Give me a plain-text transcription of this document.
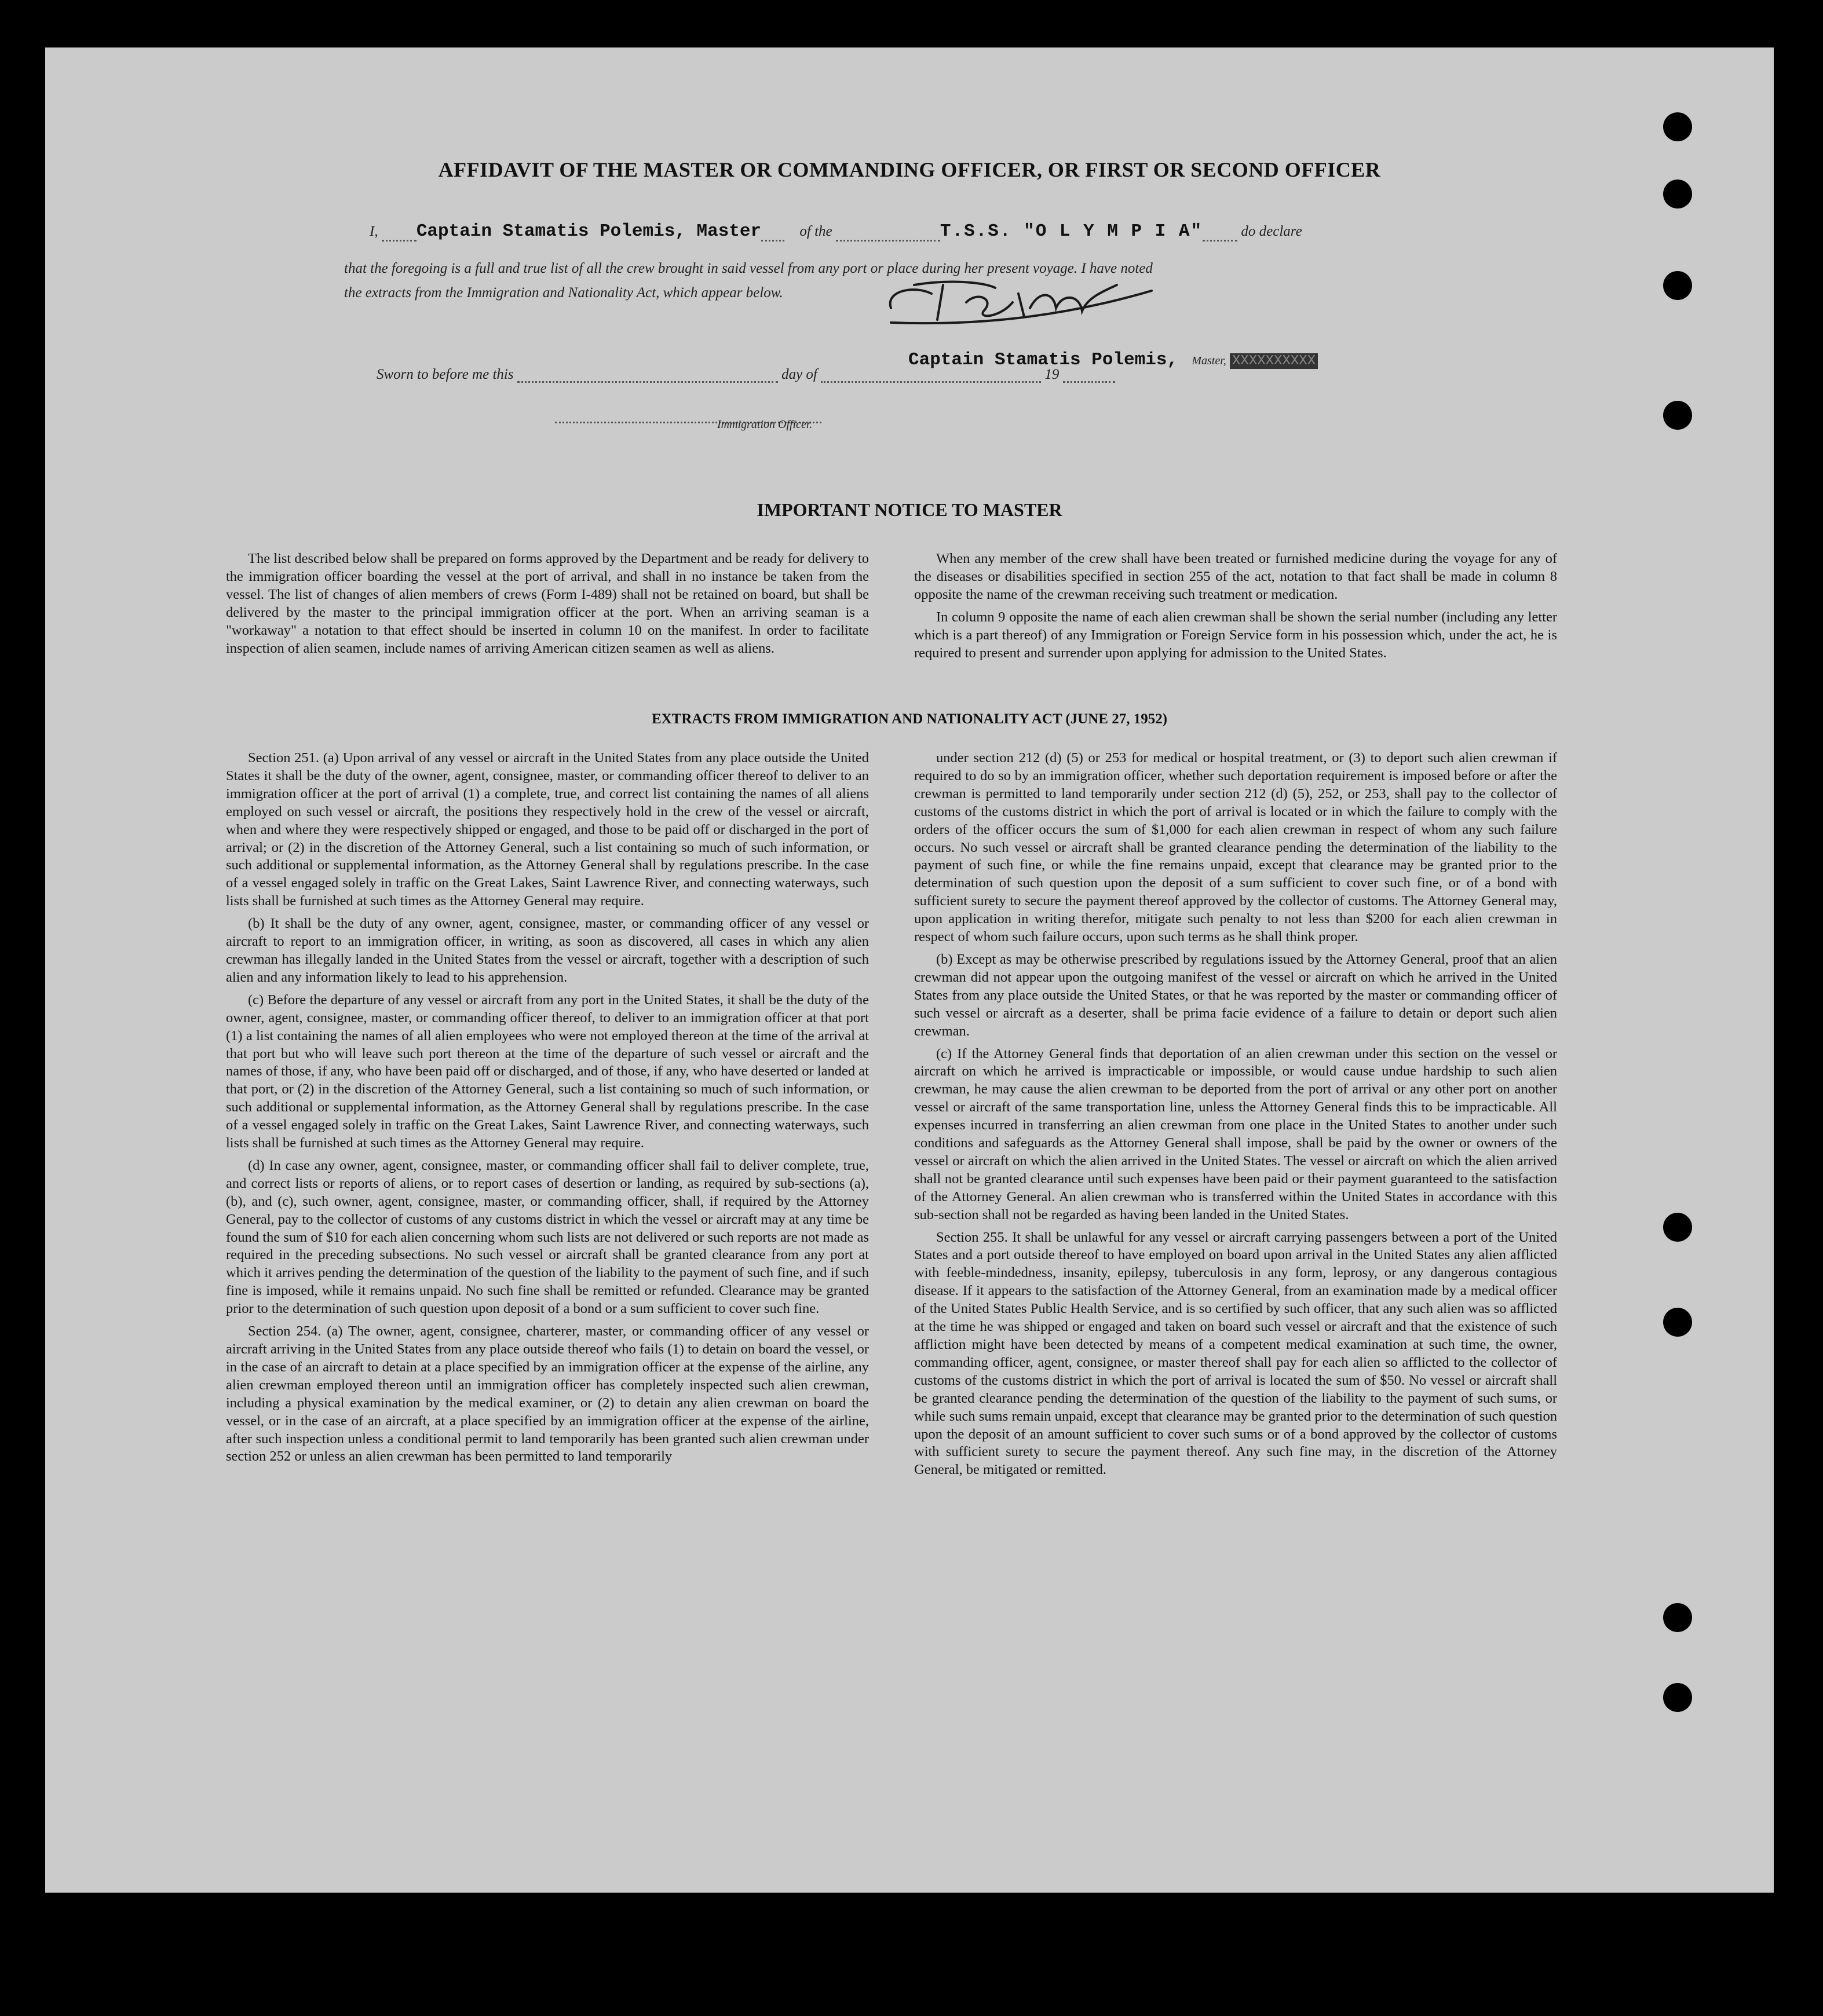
AFFIDAVIT OF THE MASTER OR COMMANDING OFFICER, OR FIRST OR SECOND OFFICER
I, Captain Stamatis Polemis, Master	of the	T.S.S. "O L Y M P I A"	do declare
that the foregoing is a full and true list of all the crew brought in said vessel from any port or place during her present voyage. I have noted
the extracts from the Immigration and Nationality Act, which appear below.
Captain Stamatis Polemis, Master, XXXXXXXXXX
Sworn to before me this	day of	19
Immigration Officer.
IMPORTANT NOTICE TO MASTER

The list described below shall be prepared on forms approved by the Department and be ready for delivery to the immigration officer boarding the vessel at the port of arrival, and shall in no instance be taken from the vessel. The list of changes of alien members of crews (Form I-489) shall not be retained on board, but shall be delivered by the master to the principal immigration officer at the port. When an arriving seaman is a "workaway" a notation to that effect should be inserted in column 10 on the manifest. In order to facilitate inspection of alien seamen, include names of arriving American citizen seamen as well as aliens.

When any member of the crew shall have been treated or furnished medicine during the voyage for any of the diseases or disabilities specified in section 255 of the act, notation to that fact shall be made in column 8 opposite the name of the crewman receiving such treatment or medication.

In column 9 opposite the name of each alien crewman shall be shown the serial number (including any letter which is a part thereof) of any Immigration or Foreign Service form in his possession which, under the act, he is required to present and surrender upon applying for admission to the United States.

EXTRACTS FROM IMMIGRATION AND NATIONALITY ACT (JUNE 27, 1952)

Section 251. (a) Upon arrival of any vessel or aircraft in the United States from any place outside the United States it shall be the duty of the owner, agent, consignee, master, or commanding officer thereof to deliver to an immigration officer at the port of arrival (1) a complete, true, and correct list containing the names of all aliens employed on such vessel or aircraft, the positions they respectively hold in the crew of the vessel or aircraft, when and where they were respectively shipped or engaged, and those to be paid off or discharged in the port of arrival; or (2) in the discretion of the Attorney General, such a list containing so much of such information, or such additional or supplemental information, as the Attorney General shall by regulations prescribe. In the case of a vessel engaged solely in traffic on the Great Lakes, Saint Lawrence River, and connecting waterways, such lists shall be furnished at such times as the Attorney General may require.

(b) It shall be the duty of any owner, agent, consignee, master, or commanding officer of any vessel or aircraft to report to an immigration officer, in writing, as soon as discovered, all cases in which any alien crewman has illegally landed in the United States from the vessel or aircraft, together with a description of such alien and any information likely to lead to his apprehension.

(c) Before the departure of any vessel or aircraft from any port in the United States, it shall be the duty of the owner, agent, consignee, master, or commanding officer thereof, to deliver to an immigration officer at that port (1) a list containing the names of all alien employees who were not employed thereon at the time of the arrival at that port but who will leave such port thereon at the time of the departure of such vessel or aircraft and the names of those, if any, who have been paid off or discharged, and of those, if any, who have deserted or landed at that port, or (2) in the discretion of the Attorney General, such a list containing so much of such information, or such additional or supplemental information, as the Attorney General shall by regulations prescribe. In the case of a vessel engaged solely in traffic on the Great Lakes, Saint Lawrence River, and connecting waterways, such lists shall be furnished at such times as the Attorney General may require.

(d) In case any owner, agent, consignee, master, or commanding officer shall fail to deliver complete, true, and correct lists or reports of aliens, or to report cases of desertion or landing, as required by sub-sections (a), (b), and (c), such owner, agent, consignee, master, or commanding officer, shall, if required by the Attorney General, pay to the collector of customs of any customs district in which the vessel or aircraft may at any time be found the sum of $10 for each alien concerning whom such lists are not delivered or such reports are not made as required in the preceding subsections. No such vessel or aircraft shall be granted clearance from any port at which it arrives pending the determination of the question of the liability to the payment of such fine, and if such fine is imposed, while it remains unpaid. No such fine shall be remitted or refunded. Clearance may be granted prior to the determination of such question upon deposit of a bond or a sum sufficient to cover such fine.

Section 254. (a) The owner, agent, consignee, charterer, master, or commanding officer of any vessel or aircraft arriving in the United States from any place outside thereof who fails (1) to detain on board the vessel, or in the case of an aircraft to detain at a place specified by an immigration officer at the expense of the airline, any alien crewman employed thereon until an immigration officer has completely inspected such alien crewman, including a physical examination by the medical examiner, or (2) to detain any alien crewman on board the vessel, or in the case of an aircraft, at a place specified by an immigration officer at the expense of the airline, after such inspection unless a conditional permit to land temporarily has been granted such alien crewman under section 252 or unless an alien crewman has been permitted to land temporarily

under section 212 (d) (5) or 253 for medical or hospital treatment, or (3) to deport such alien crewman if required to do so by an immigration officer, whether such deportation requirement is imposed before or after the crewman is permitted to land temporarily under section 212 (d) (5), 252, or 253, shall pay to the collector of customs of the customs district in which the port of arrival is located or in which the failure to comply with the orders of the officer occurs the sum of $1,000 for each alien crewman in respect of whom any such failure occurs. No such vessel or aircraft shall be granted clearance pending the determination of the liability to the payment of such fine, or while the fine remains unpaid, except that clearance may be granted prior to the determination of such question upon the deposit of a sum sufficient to cover such fine, or of a bond with sufficient surety to secure the payment thereof approved by the collector of customs. The Attorney General may, upon application in writing therefor, mitigate such penalty to not less than $200 for each alien crewman in respect of whom such failure occurs, upon such terms as he shall think proper.

(b) Except as may be otherwise prescribed by regulations issued by the Attorney General, proof that an alien crewman did not appear upon the outgoing manifest of the vessel or aircraft on which he arrived in the United States from any place outside the United States, or that he was reported by the master or commanding officer of such vessel or aircraft as a deserter, shall be prima facie evidence of a failure to detain or deport such alien crewman.

(c) If the Attorney General finds that deportation of an alien crewman under this section on the vessel or aircraft on which he arrived is impracticable or impossible, or would cause undue hardship to such alien crewman, he may cause the alien crewman to be deported from the port of arrival or any other port on another vessel or aircraft of the same transportation line, unless the Attorney General finds this to be impracticable. All expenses incurred in transferring an alien crewman from one place in the United States to another under such conditions and safeguards as the Attorney General shall impose, shall be paid by the owner or owners of the vessel or aircraft on which the alien arrived in the United States. The vessel or aircraft on which the alien arrived shall not be granted clearance until such expenses have been paid or their payment guaranteed to the satisfaction of the Attorney General. An alien crewman who is transferred within the United States in accordance with this sub-section shall not be regarded as having been landed in the United States.

Section 255. It shall be unlawful for any vessel or aircraft carrying passengers between a port of the United States and a port outside thereof to have employed on board upon arrival in the United States any alien afflicted with feeble-mindedness, insanity, epilepsy, tuberculosis in any form, leprosy, or any dangerous contagious disease. If it appears to the satisfaction of the Attorney General, from an examination made by a medical officer of the United States Public Health Service, and is so certified by such officer, that any such alien was so afflicted at the time he was shipped or engaged and taken on board such vessel or aircraft and that the existence of such affliction might have been detected by means of a competent medical examination at such time, the owner, commanding officer, agent, consignee, or master thereof shall pay for each alien so afflicted to the collector of customs of the customs district in which the port of arrival is located the sum of $50. No vessel or aircraft shall be granted clearance pending the determination of the question of the liability to the payment of such sums, or while such sums remain unpaid, except that clearance may be granted prior to the determination of such question upon the deposit of an amount sufficient to cover such sums or of a bond approved by the collector of customs with sufficient surety to secure the payment thereof. Any such fine may, in the discretion of the Attorney General, be mitigated or remitted.
